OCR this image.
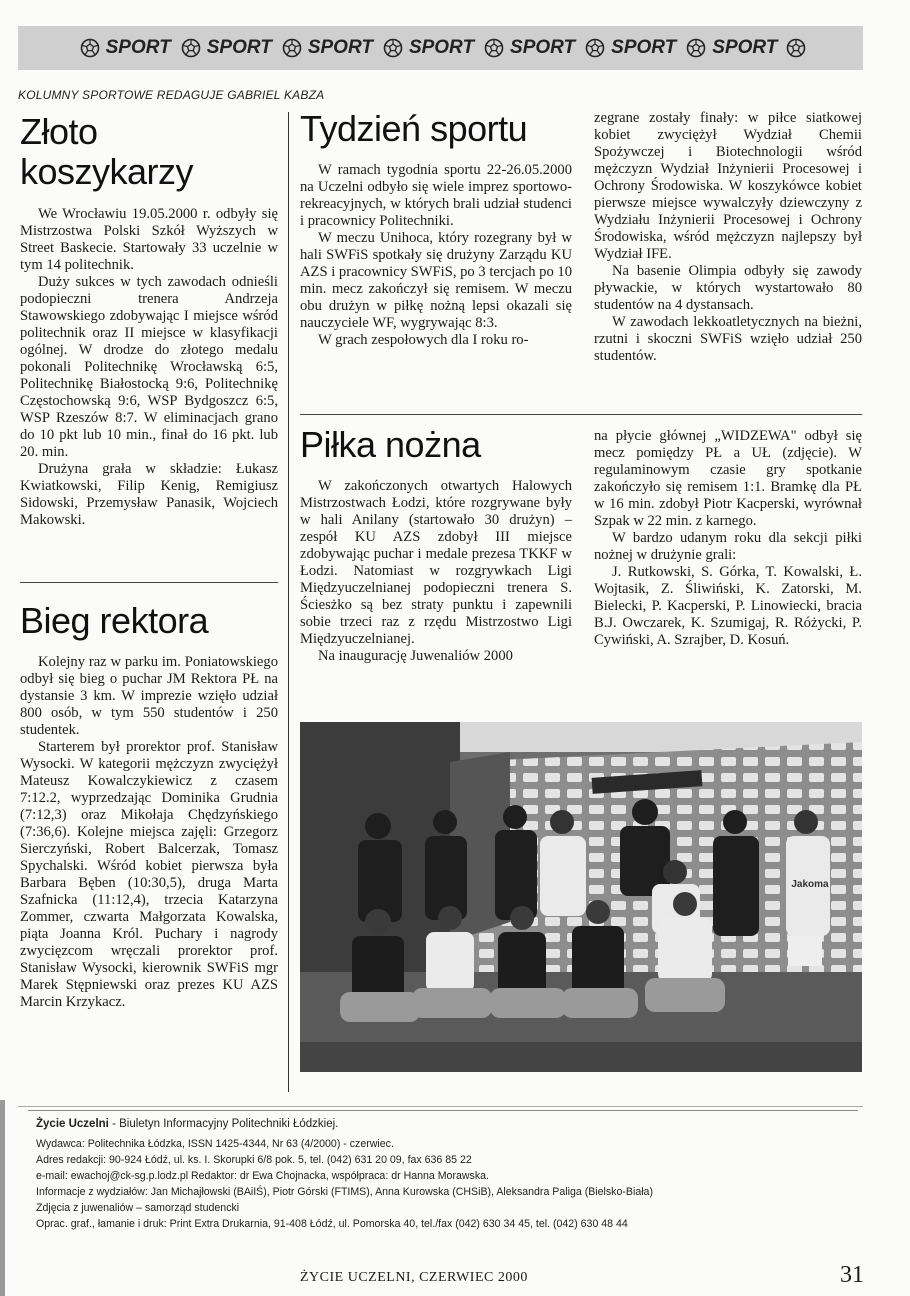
SPORT SPORT SPORT SPORT SPORT SPORT SPORT
KOLUMNY SPORTOWE REDAGUJE GABRIEL KABZA
Złoto
koszykarzy

We Wrocławiu 19.05.2000 r. odbyły się Mistrzostwa Polski Szkół Wyższych w Street Baskecie. Startowały 33 uczelnie w tym 14 politechnik.

Duży sukces w tych zawodach odnieśli podopieczni trenera Andrzeja Stawowskiego zdobywając I miejsce wśród politechnik oraz II miejsce w klasyfikacji ogólnej. W drodze do złotego medalu pokonali Politechnikę Wrocławską 6:5, Politechnikę Białostocką 9:6, Politechnikę Częstochowską 9:6, WSP Bydgoszcz 6:5, WSP Rzeszów 8:7. W eliminacjach grano do 10 pkt lub 10 min., finał do 16 pkt. lub 20. min.

Drużyna grała w składzie: Łukasz Kwiatkowski, Filip Kenig, Remigiusz Sidowski, Przemysław Panasik, Wojciech Makowski.

Bieg rektora

Kolejny raz w parku im. Poniatowskiego odbył się bieg o puchar JM Rektora PŁ na dystansie 3 km. W imprezie wzięło udział 800 osób, w tym 550 studentów i 250 studentek.

Starterem był prorektor prof. Stanisław Wysocki. W kategorii mężczyzn zwyciężył Mateusz Kowalczykiewicz z czasem 7:12.2, wyprzedzając Dominika Grudnia (7:12,3) oraz Mikołaja Chędzyńskiego (7:36,6). Kolejne miejsca zajęli: Grzegorz Sierczyński, Robert Balcerzak, Tomasz Spychalski. Wśród kobiet pierwsza była Barbara Bęben (10:30,5), druga Marta Szafnicka (11:12,4), trzecia Katarzyna Zommer, czwarta Małgorzata Kowalska, piąta Joanna Król. Puchary i nagrody zwycięzcom wręczali prorektor prof. Stanisław Wysocki, kierownik SWFiS mgr Marek Stępniewski oraz prezes KU AZS Marcin Krzykacz.

Tydzień sportu

W ramach tygodnia sportu 22-26.05.2000 na Uczelni odbyło się wiele imprez sportowo-rekreacyjnych, w których brali udział studenci i pracownicy Politechniki.

W meczu Unihoca, który rozegrany był w hali SWFiS spotkały się drużyny Zarządu KU AZS i pracownicy SWFiS, po 3 tercjach po 10 min. mecz zakończył się remisem. W meczu obu drużyn w piłkę nożną lepsi okazali się nauczyciele WF, wygrywając 8:3.

W grach zespołowych dla I roku ro-

zegrane zostały finały: w piłce siatkowej kobiet zwyciężył Wydział Chemii Spożywczej i Biotechnologii wśród mężczyzn Wydział Inżynierii Procesowej i Ochrony Środowiska. W koszykówce kobiet pierwsze miejsce wywalczyły dziewczyny z Wydziału Inżynierii Procesowej i Ochrony Środowiska, wśród mężczyzn najlepszy był Wydział IFE.

Na basenie Olimpia odbyły się zawody pływackie, w których wystartowało 80 studentów na 4 dystansach.

W zawodach lekkoatletycznych na bieżni, rzutni i skoczni SWFiS wzięło udział 250 studentów.

Piłka nożna

W zakończonych otwartych Halowych Mistrzostwach Łodzi, które rozgrywane były w hali Anilany (startowało 30 drużyn) – zespół KU AZS zdobył III miejsce zdobywając puchar i medale prezesa TKKF w Łodzi. Natomiast w rozgrywkach Ligi Międzyuczelnianej podopieczni trenera S. Ściesżko są bez straty punktu i zapewnili sobie trzeci raz z rzędu Mistrzostwo Ligi Międzyuczelnianej.

Na inaugurację Juwenaliów 2000

na płycie głównej „WIDZEWA" odbył się mecz pomiędzy PŁ a UŁ (zdjęcie). W regulaminowym czasie gry spotkanie zakończyło się remisem 1:1. Bramkę dla PŁ w 16 min. zdobył Piotr Kacperski, wyrównał Szpak w 22 min. z karnego.

W bardzo udanym roku dla sekcji piłki nożnej w drużynie grali:

J. Rutkowski, S. Górka, T. Kowalski, Ł. Wojtasik, Z. Śliwiński, K. Zatorski, M. Bielecki, P. Kacperski, P. Linowiecki, bracia B.J. Owczarek, K. Szumigaj, R. Różycki, P. Cywiński, A. Szrajber, D. Kosuń.

Jakoma
Życie Uczelni - Biuletyn Informacyjny Politechniki Łódzkiej.
Wydawca: Politechnika Łódzka, ISSN 1425-4344, Nr 63 (4/2000) - czerwiec.
Adres redakcji: 90-924 Łódź, ul. ks. I. Skorupki 6/8 pok. 5, tel. (042) 631 20 09, fax 636 85 22
e-mail: ewachoj@ck-sg.p.lodz.pl Redaktor: dr Ewa Chojnacka, współpraca: dr Hanna Morawska.
Informacje z wydziałów: Jan Michajłowski (BAiIŚ), Piotr Górski (FTIMS), Anna Kurowska (CHSiB), Aleksandra Paliga (Bielsko-Biała)
Zdjęcia z juwenaliów – samorząd studencki
Oprac. graf., łamanie i druk: Print Extra Drukarnia, 91-408 Łódź, ul. Pomorska 40, tel./fax (042) 630 34 45, tel. (042) 630 48 44
ŻYCIE UCZELNI, CZERWIEC 2000	31
